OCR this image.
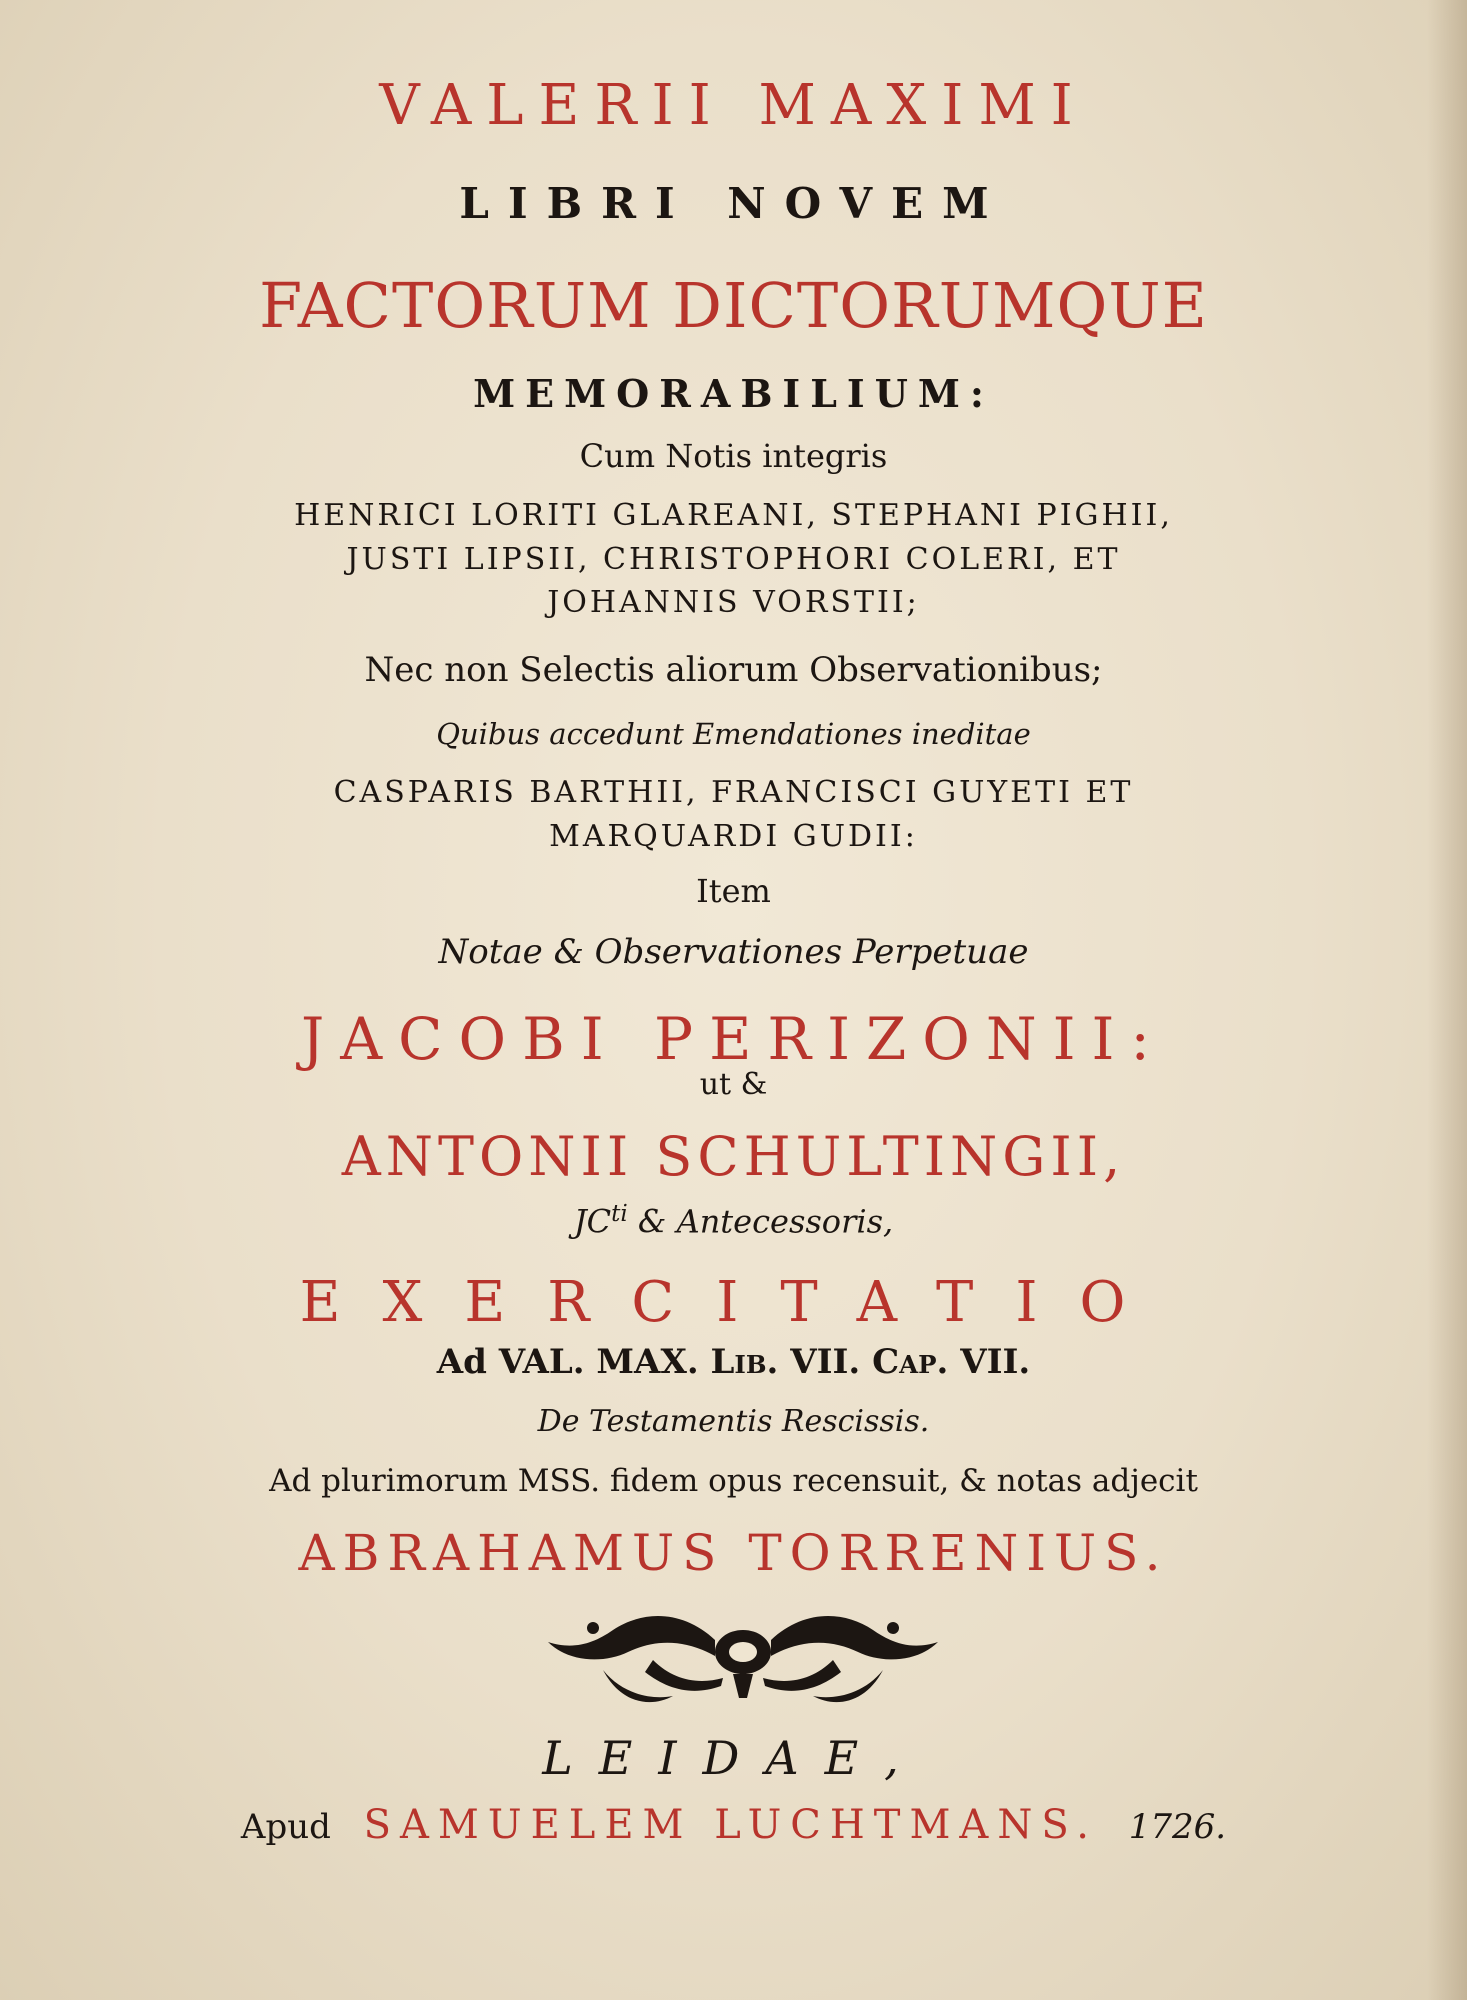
VALERII MAXIMI
LIBRI NOVEM
FACTORUM DICTORUMQUE
MEMORABILIUM:
Cum Notis integris
HENRICI LORITI GLAREANI, STEPHANI PIGHII,
JUSTI LIPSII, CHRISTOPHORI COLERI, ET
JOHANNIS VORSTII;
Nec non Selectis aliorum Observationibus;
Quibus accedunt Emendationes ineditae
CASPARIS BARTHII, FRANCISCI GUYETI ET
MARQUARDI GUDII:
Item
Notae & Observationes Perpetuae
JACOBI PERIZONII:
ut &
ANTONII SCHULTINGII,
$JC^{ti}$ & Antecessoris,
EXERCITATIO
Ad VAL. MAX. LIB. VII. CAP. VII.
De Testamentis Rescissis.
Ad plurimorum MSS. fidem opus recensuit, & notas adjecit
ABRAHAMUS TORRENIUS.
LEIDAE,
Apud SAMUELEM LUCHTMANS. 1726.
